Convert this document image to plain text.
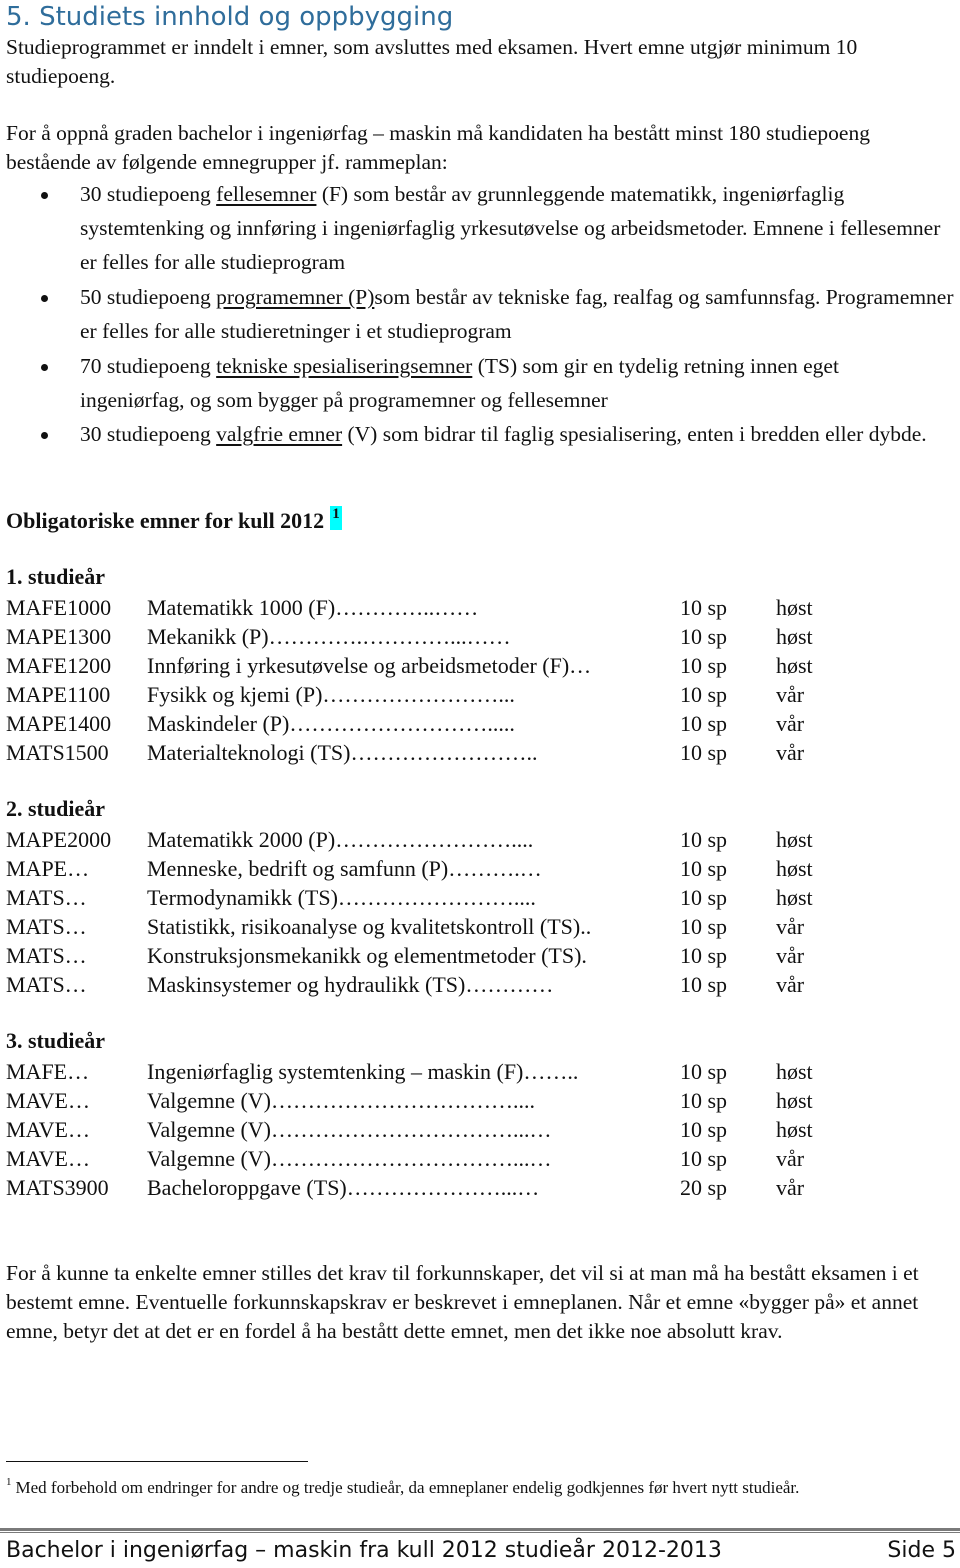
5. Studiets innhold og oppbygging

Studieprogrammet er inndelt i emner, som avsluttes med eksamen. Hvert emne utgjør minimum 10 studiepoeng.

For å oppnå graden bachelor i ingeniørfag – maskin må kandidaten ha bestått minst 180 studiepoeng bestående av følgende emnegrupper jf. rammeplan:

30 studiepoeng fellesemner (F) som består av grunnleggende matematikk, ingeniørfaglig systemtenking og innføring i ingeniørfaglig yrkesutøvelse og arbeidsmetoder. Emnene i fellesemner er felles for alle studieprogram

50 studiepoeng programemner (P)som består av tekniske fag, realfag og samfunnsfag. Programemner er felles for alle studieretninger i et studieprogram

70 studiepoeng tekniske spesialiseringsemner (TS) som gir en tydelig retning innen eget ingeniørfag, og som bygger på programemner og fellesemner

30 studiepoeng valgfrie emner (V) som bidrar til faglig spesialisering, enten i bredden eller dybde.

Obligatoriske emner for kull 2012 1
1. studieår
MAFE1000 Matematikk 1000 (F)…………..……	10 sp høst
MAPE1300 Mekanikk (P)………….…………...……	10 sp høst
MAFE1200 Innføring i yrkesutøvelse og arbeidsmetoder (F)…	10 sp høst
MAPE1100 Fysikk og kjemi (P)……………………...	10 sp vår
MAPE1400 Maskindeler (P)……………………….....	10 sp vår
MATS1500 Materialteknologi (TS)……………………..	10 sp vår
2. studieår
MAPE2000 Matematikk 2000 (P)……………………....	10 sp høst
MAPE…	Menneske, bedrift og samfunn (P)……….…	10 sp høst
MATS…	Termodynamikk (TS)……………………....	10 sp høst
MATS…	Statistikk, risikoanalyse og kvalitetskontroll (TS)..	10 sp vår
MATS…	Konstruksjonsmekanikk og elementmetoder (TS).	10 sp vår
MATS…	Maskinsystemer og hydraulikk (TS)…………	10 sp vår
3. studieår
MAFE…	Ingeniørfaglig systemtenking – maskin (F)……..	10 sp høst
MAVE…	Valgemne (V)……………………………....	10 sp høst
MAVE…	Valgemne (V)……………………………...…	10 sp høst
MAVE…	Valgemne (V)……………………………...…	10 sp vår
MATS3900 Bacheloroppgave (TS)…………………...…	20 sp vår

For å kunne ta enkelte emner stilles det krav til forkunnskaper, det vil si at man må ha bestått eksamen i et bestemt emne. Eventuelle forkunnskapskrav er beskrevet i emneplanen. Når et emne «bygger på» et annet emne, betyr det at det er en fordel å ha bestått dette emnet, men det ikke noe absolutt krav.

$^1$ Med forbehold om endringer for andre og tredje studieår, da emneplaner endelig godkjennes før hvert nytt studieår.

Bachelor i ingeniørfag – maskin fra kull 2012 studieår 2012-2013	Side 5
